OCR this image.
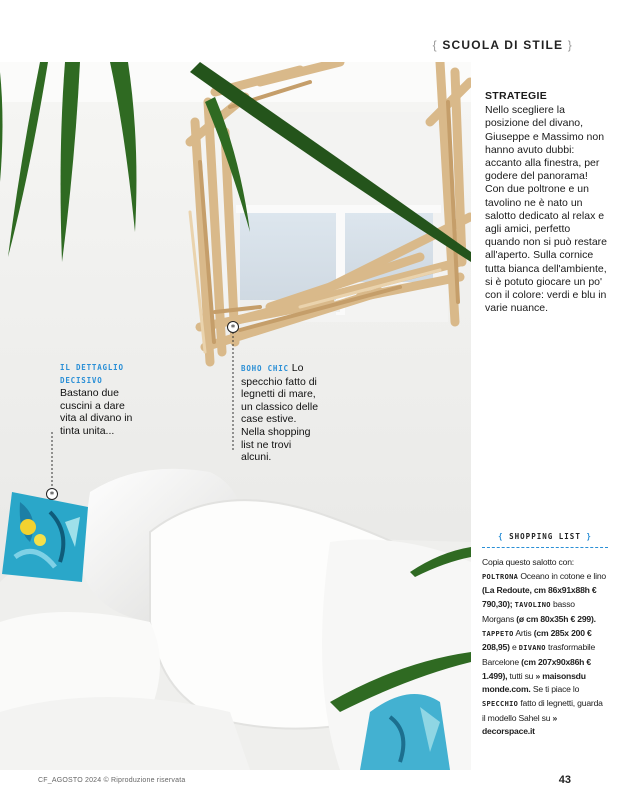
{ SCUOLA DI STILE }
*
*
IL DETTAGLIO
DECISIVO
Bastano due cuscini a dare vita al divano in tinta unita...
BOHO CHIC Lo specchio fatto di legnetti di mare, un classico delle case estive. Nella shopping list ne trovi alcuni.
STRATEGIE

Nello scegliere la posizione del divano, Giuseppe e Massimo non hanno avuto dubbi: accanto alla finestra, per godere del panorama! Con due poltrone e un tavolino ne è nato un salotto dedicato al relax e agli amici, perfetto quando non si può restare all'aperto. Sulla cornice tutta bianca dell'ambiente, si è potuto giocare un po' con il colore: verdi e blu in varie nuance.

{ SHOPPING LIST }

Copia questo salotto con: POLTRONA Oceano in cotone e lino (La Redoute, cm 86x91x88h € 790,30); TAVOLINO basso Morgans (ø cm 80x35h € 299). TAPPETO Artis (cm 285x 200 € 208,95) e DIVANO trasformabile Barcelone (cm 207x90x86h € 1.499), tutti su » maisonsdu monde.com. Se ti piace lo SPECCHIO fatto di legnetti, guarda il modello Sahel su » decorspace.it

CF_AGOSTO 2024 © Riproduzione riservata	43
